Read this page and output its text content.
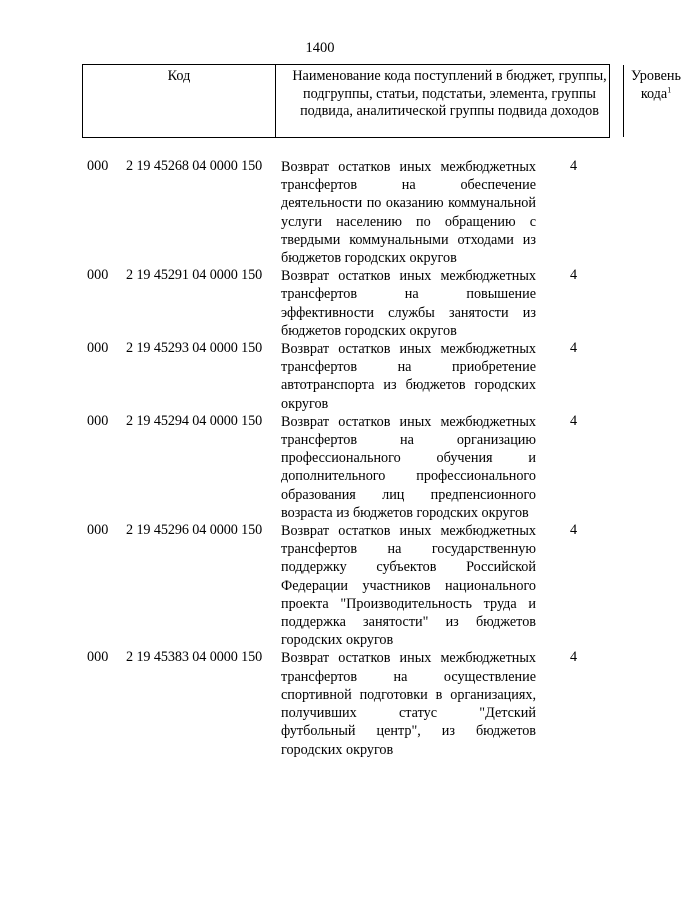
1400
Код	Наименование кода поступлений в бюджет, группы, подгруппы, статьи, подстатьи, элемента, группы подвида, аналитической группы подвида доходов
Уровень кода$^1$
000 2 19 45268 04 0000 150 Возврат остатков иных межбюджетных трансфертов на обеспечение деятельности по оказанию коммунальной услуги населению по обращению с твердыми коммунальными отходами из бюджетов городских округов
4
000 2 19 45291 04 0000 150 Возврат остатков иных межбюджетных трансфертов на повышение эффективности службы занятости из бюджетов городских округов
4
000 2 19 45293 04 0000 150 Возврат остатков иных межбюджетных трансфертов на приобретение автотранспорта из бюджетов городских округов
4
000 2 19 45294 04 0000 150 Возврат остатков иных межбюджетных трансфертов на организацию профессионального обучения и дополнительного профессионального образования лиц предпенсионного возраста из бюджетов городских округов
4
000 2 19 45296 04 0000 150 Возврат остатков иных межбюджетных трансфертов на государственную поддержку субъектов Российской Федерации участников национального проекта "Производительность труда и поддержка занятости" из бюджетов городских округов
4
000 2 19 45383 04 0000 150 Возврат остатков иных межбюджетных трансфертов на осуществление спортивной подготовки в организациях, получивших статус "Детский футбольный центр", из бюджетов городских округов
4
